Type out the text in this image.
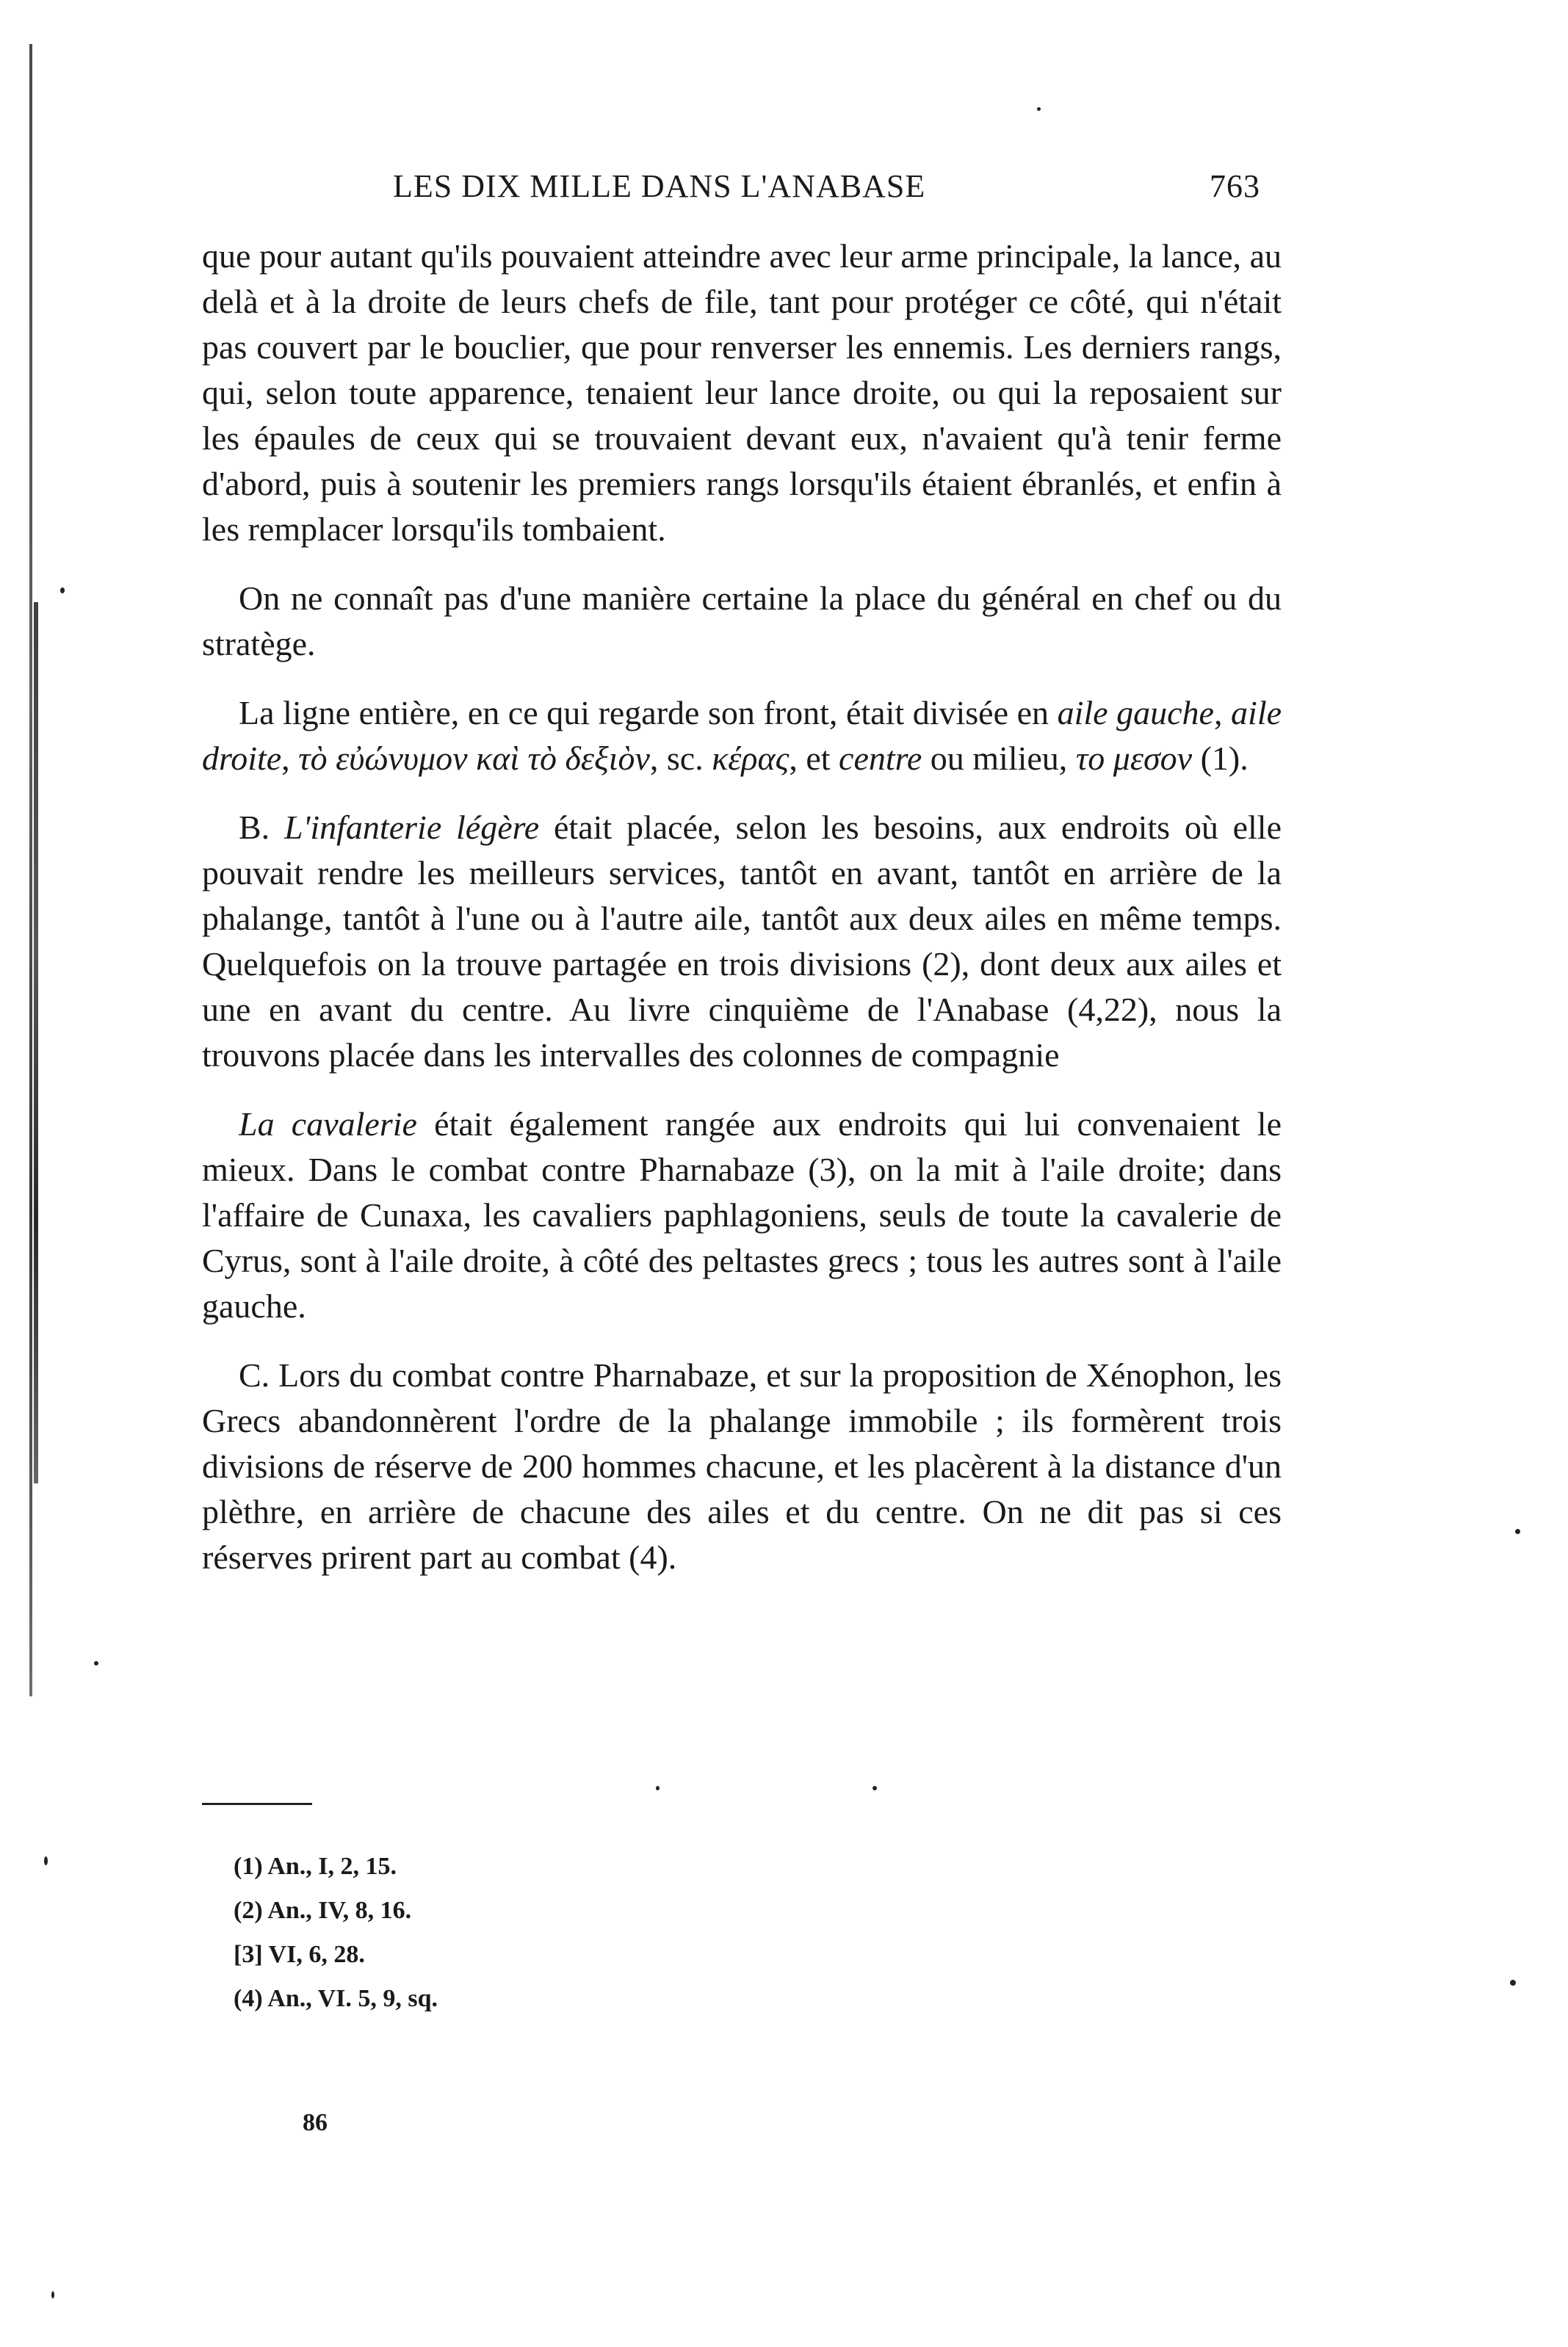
LES DIX MILLE DANS L'ANABASE	763

que pour autant qu'ils pouvaient atteindre avec leur arme principale, la lance, au delà et à la droite de leurs chefs de file, tant pour protéger ce côté, qui n'était pas couvert par le bouclier, que pour renverser les ennemis. Les derniers rangs, qui, selon toute apparence, tenaient leur lance droite, ou qui la reposaient sur les épaules de ceux qui se trouvaient devant eux, n'avaient qu'à tenir ferme d'abord, puis à soutenir les premiers rangs lorsqu'ils étaient ébranlés, et enfin à les remplacer lorsqu'ils tombaient.

On ne connaît pas d'une manière certaine la place du général en chef ou du stratège.

La ligne entière, en ce qui regarde son front, était divisée en aile gauche, aile droite, τὸ εὐώνυμον καὶ τὸ δεξιὸν, sc. κέρας, et centre ou milieu, το μεσον (1).

B. L'infanterie légère était placée, selon les besoins, aux endroits où elle pouvait rendre les meilleurs services, tantôt en avant, tantôt en arrière de la phalange, tantôt à l'une ou à l'autre aile, tantôt aux deux ailes en même temps. Quelquefois on la trouve partagée en trois divisions (2), dont deux aux ailes et une en avant du centre. Au livre cinquième de l'Anabase (4,22), nous la trouvons placée dans les intervalles des colonnes de compagnie

La cavalerie était également rangée aux endroits qui lui convenaient le mieux. Dans le combat contre Pharnabaze (3), on la mit à l'aile droite; dans l'affaire de Cunaxa, les cavaliers paphlagoniens, seuls de toute la cavalerie de Cyrus, sont à l'aile droite, à côté des peltastes grecs ; tous les autres sont à l'aile gauche.

C. Lors du combat contre Pharnabaze, et sur la proposition de Xénophon, les Grecs abandonnèrent l'ordre de la phalange immobile ; ils formèrent trois divisions de réserve de 200 hommes chacune, et les placèrent à la distance d'un plèthre, en arrière de chacune des ailes et du centre. On ne dit pas si ces réserves prirent part au combat (4).

(1) An., I, 2, 15.
(2) An., IV, 8, 16.
[3] VI, 6, 28.
(4) An., VI. 5, 9, sq.
86
